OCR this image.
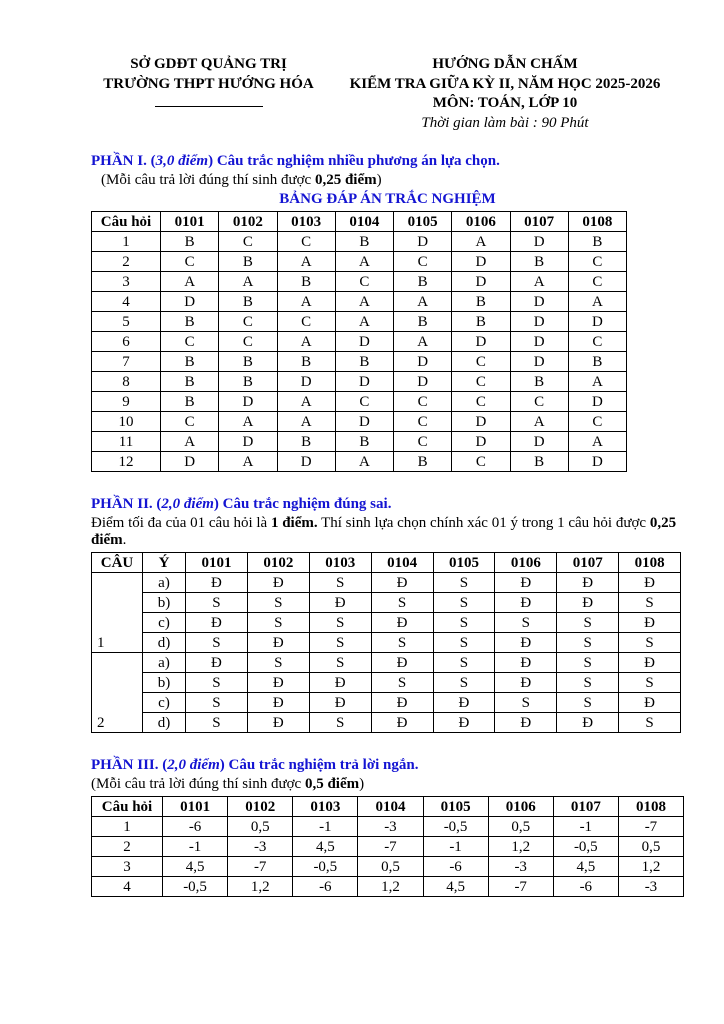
SỞ GDĐT QUẢNG TRỊ
TRƯỜNG THPT HƯỚNG HÓA
HƯỚNG DẪN CHẤM
KIỂM TRA GIỮA KỲ II, NĂM HỌC 2025-2026
MÔN: TOÁN, LỚP 10
Thời gian làm bài : 90 Phút

PHẦN I. (3,0 điểm) Câu trắc nghiệm nhiều phương án lựa chọn.

(Mỗi câu trả lời đúng thí sinh được 0,25 điểm)

BẢNG ĐÁP ÁN TRẮC NGHIỆM

Câu hỏi	0101	0102	0103	0104	0105	0106	0107	0108
1	B	C	C	B	D	A	D	B
2	C	B	A	A	C	D	B	C
3	A	A	B	C	B	D	A	C
4	D	B	A	A	A	B	D	A
5	B	C	C	A	B	B	D	D
6	C	C	A	D	A	D	D	C
7	B	B	B	B	D	C	D	B
8	B	B	D	D	D	C	B	A
9	B	D	A	C	C	C	C	D
10	C	A	A	D	C	D	A	C
11	A	D	B	B	C	D	D	A
12	D	A	D	A	B	C	B	D

PHẦN II. (2,0 điểm) Câu trắc nghiệm đúng sai.

Điểm tối đa của 01 câu hỏi là 1 điểm. Thí sinh lựa chọn chính xác 01 ý trong 1 câu hỏi được 0,25 điểm.

CÂU	Ý	0101	0102	0103	0104	0105	0106	0107	0108
1	a)	Đ	Đ	S	Đ	S	Đ	Đ	Đ
	b)	S	S	Đ	S	S	Đ	Đ	S
	c)	Đ	S	S	Đ	S	S	S	Đ
	d)	S	Đ	S	S	S	Đ	S	S
2	a)	Đ	S	S	Đ	S	Đ	S	Đ
	b)	S	Đ	Đ	S	S	Đ	S	S
	c)	S	Đ	Đ	Đ	Đ	S	S	Đ
	d)	S	Đ	S	Đ	Đ	Đ	Đ	S

PHẦN III. (2,0 điểm) Câu trắc nghiệm trả lời ngắn.

(Mỗi câu trả lời đúng thí sinh được 0,5 điểm)

Câu hỏi	0101	0102	0103	0104	0105	0106	0107	0108
1	-6	0,5	-1	-3	-0,5	0,5	-1	-7
2	-1	-3	4,5	-7	-1	1,2	-0,5	0,5
3	4,5	-7	-0,5	0,5	-6	-3	4,5	1,2
4	-0,5	1,2	-6	1,2	4,5	-7	-6	-3
